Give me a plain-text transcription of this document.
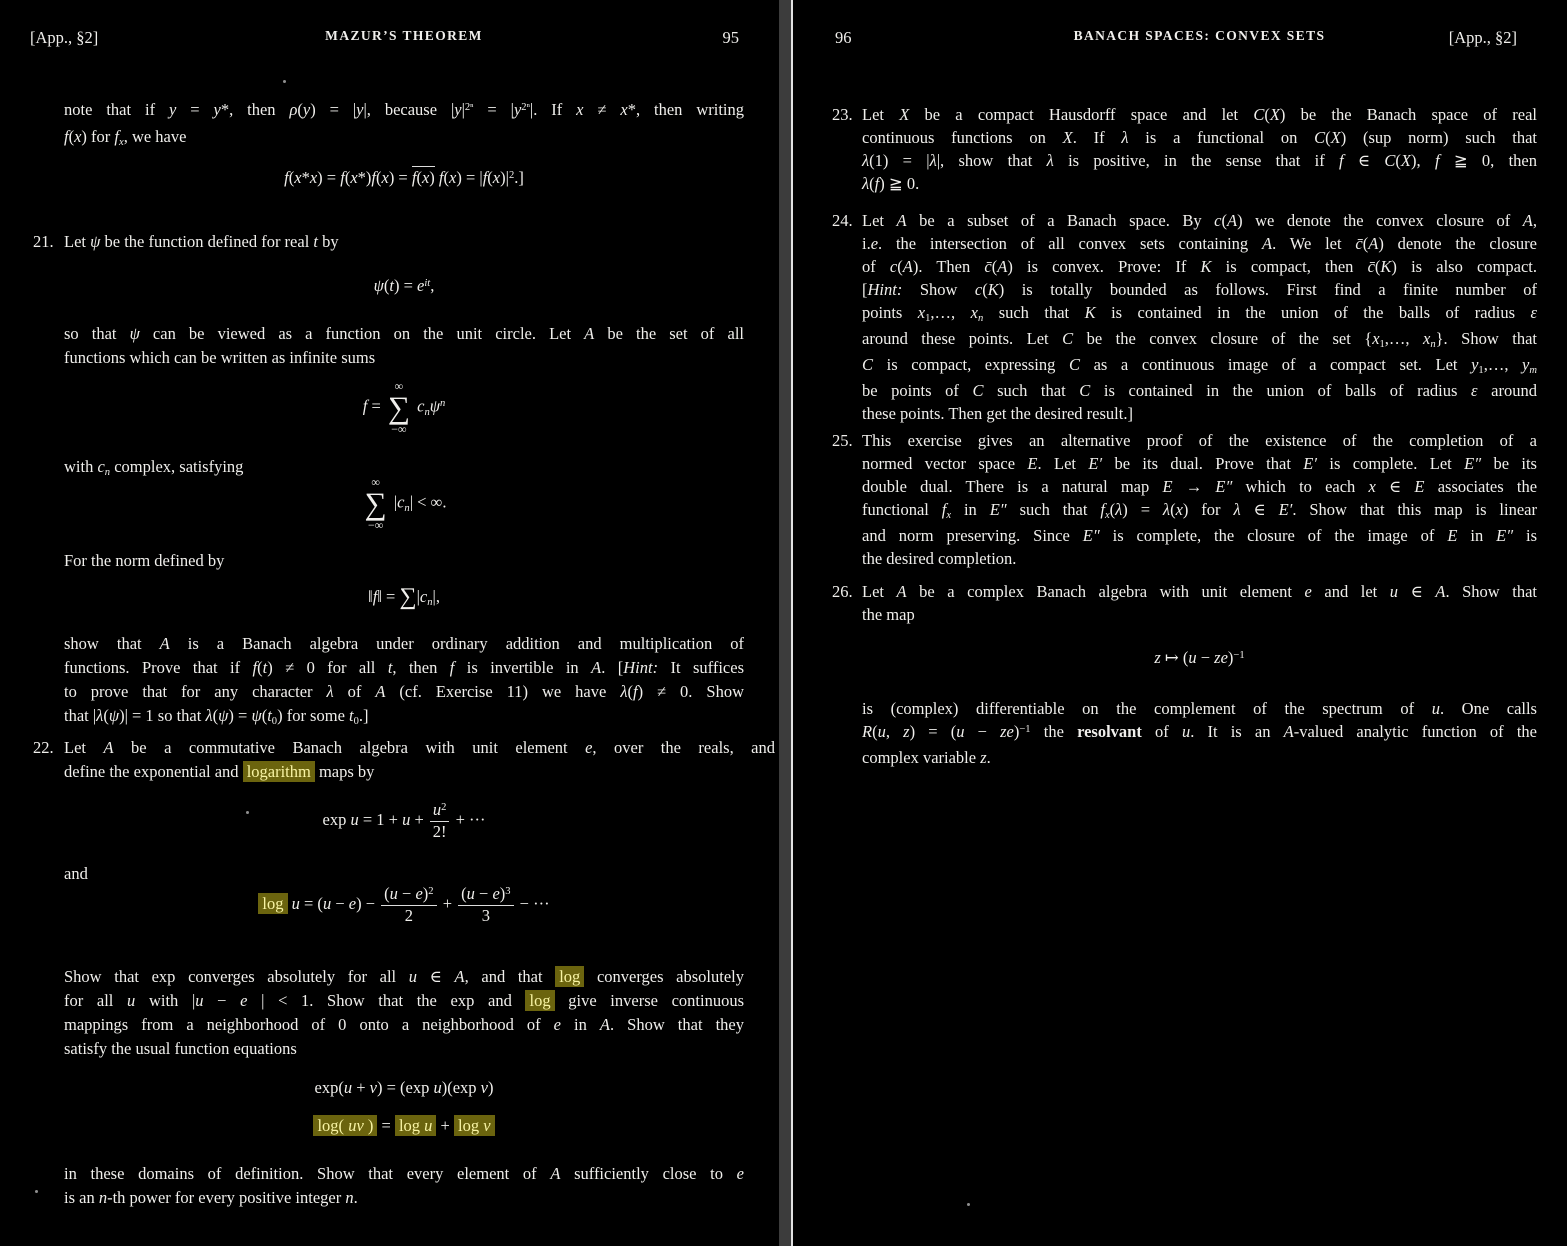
[App., §2]	MAZUR’S THEOREM	95
note that if y = y*, then ρ(y) = |y|, because $|y|^{2^n} = |y^{2^n}|$. If x ≠ x*, then writing
f(x) for fx, we have
f(x*x) = f(x*)f(x) = f(x) $f(x) = |f(x)|^2$.]
21. Let ψ be the function defined for real t by
$\psi(t) = e^{it}$,
so that ψ can be viewed as a function on the unit circle. Let A be the set of all
functions which can be written as infinite sums
f =
∞
∑
−∞
cnψ$^n$
with cn complex, satisfying
∞
∑
−∞
|cn| < ∞.
For the norm defined by
‖f‖ = ∑|cn|,
show that A is a Banach algebra under ordinary addition and multiplication of
functions. Prove that if f(t) ≠ 0 for all t, then f is invertible in A. [Hint: It suffices
to prove that for any character λ of A (cf. Exercise 11) we have λ(f) ≠ 0. Show
that |λ(ψ)| = 1 so that λ(ψ) = ψ(t0) for some t0.]
22. Let A be a commutative Banach algebra with unit element e, over the reals, and
define the exponential and logarithm maps by
$\exp u = 1 + u + \frac{u^2}{2!}$ + ···
and
$\log u = (u - e) - \frac{(u - e)^2}{2} + \frac{(u - e)^3}{3}$ − ···
Show that exp converges absolutely for all u ∈ A, and that log converges absolutely
for all u with |u − e | < 1. Show that the exp and log give inverse continuous
mappings from a neighborhood of 0 onto a neighborhood of e in A. Show that they
satisfy the usual function equations
exp(u + v) = (exp u)(exp v)
log( uv ) = log u + log v
in these domains of definition. Show that every element of A sufficiently close to e
is an n-th power for every positive integer n.
96	BANACH SPACES: CONVEX SETS	[App., §2]
23. Let X be a compact Hausdorff space and let C(X) be the Banach space of real
continuous functions on X. If λ is a functional on C(X) (sup norm) such that
λ(1) = |λ|, show that λ is positive, in the sense that if f ∈ C(X), f ≧ 0, then
λ(f) ≧ 0.
24. Let A be a subset of a Banach space. By c(A) we denote the convex closure of A,
i.e. the intersection of all convex sets containing A. We let c̄(A) denote the closure
of c(A). Then c̄(A) is convex. Prove: If K is compact, then c̄(K) is also compact.
[Hint: Show c(K) is totally bounded as follows. First find a finite number of
points x1,…, xn such that K is contained in the union of the balls of radius ε
around these points. Let C be the convex closure of the set {x1,…, xn}. Show that
C is compact, expressing C as a continuous image of a compact set. Let y1,…, ym
be points of C such that C is contained in the union of balls of radius ε around
these points. Then get the desired result.]
25. This exercise gives an alternative proof of the existence of the completion of a
normed vector space E. Let E′ be its dual. Prove that E′ is complete. Let E″ be its
double dual. There is a natural map E → E″ which to each x ∈ E associates the
functional fx in E″ such that fx(λ) = λ(x) for λ ∈ E′. Show that this map is linear
and norm preserving. Since E″ is complete, the closure of the image of E in E″ is
the desired completion.
26. Let A be a complex Banach algebra with unit element e and let u ∈ A. Show that
the map
z ↦ (u − ze)$^{-1}$
is (complex) differentiable on the complement of the spectrum of u. One calls
R(u, z) = (u − ze)$^{-1}$ the resolvant of u. It is an A-valued analytic function of the
complex variable z.
